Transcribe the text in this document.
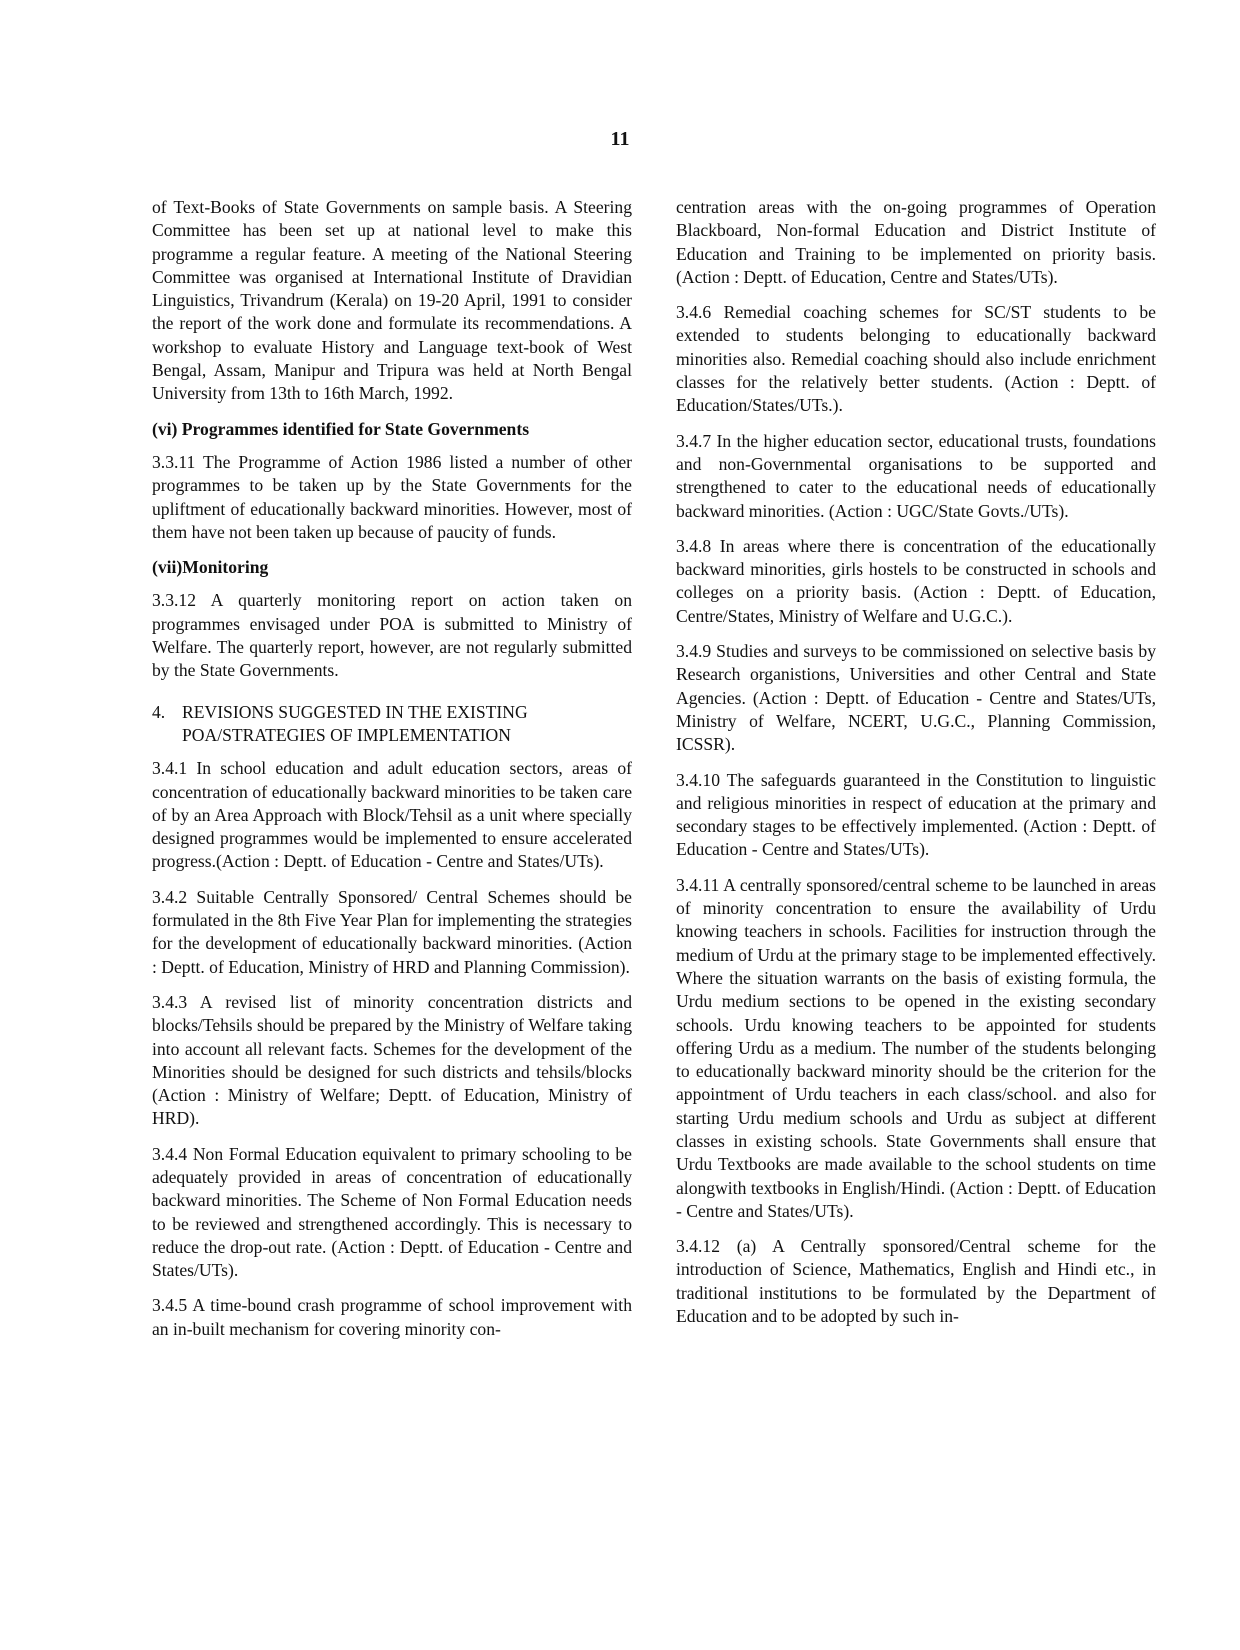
11

of Text-Books of State Governments on sample basis. A Steering Committee has been set up at national level to make this programme a regular feature. A meeting of the National Steering Committee was organised at International Institute of Dravidian Linguistics, Trivandrum (Kerala) on 19-20 April, 1991 to consider the report of the work done and formulate its recommendations. A workshop to evaluate History and Language text-book of West Bengal, Assam, Manipur and Tripura was held at North Bengal University from 13th to 16th March, 1992.

(vi) Programmes identified for State Governments

3.3.11 The Programme of Action 1986 listed a number of other programmes to be taken up by the State Governments for the upliftment of educationally backward minorities. However, most of them have not been taken up because of paucity of funds.

(vii)Monitoring

3.3.12 A quarterly monitoring report on action taken on programmes envisaged under POA is submitted to Ministry of Welfare. The quarterly report, however, are not regularly submitted by the State Governments.

4. REVISIONS SUGGESTED IN THE EXISTING POA/STRATEGIES OF IMPLEMENTATION

3.4.1 In school education and adult education sectors, areas of concentration of educationally backward minorities to be taken care of by an Area Approach with Block/Tehsil as a unit where specially designed programmes would be implemented to ensure accelerated progress.(Action : Deptt. of Education - Centre and States/UTs).

3.4.2 Suitable Centrally Sponsored/ Central Schemes should be formulated in the 8th Five Year Plan for implementing the strategies for the development of educationally backward minorities. (Action : Deptt. of Education, Ministry of HRD and Planning Commission).

3.4.3 A revised list of minority concentration districts and blocks/Tehsils should be prepared by the Ministry of Welfare taking into account all relevant facts. Schemes for the development of the Minorities should be designed for such districts and tehsils/blocks (Action : Ministry of Welfare; Deptt. of Education, Ministry of HRD).

3.4.4 Non Formal Education equivalent to primary schooling to be adequately provided in areas of concentration of educationally backward minorities. The Scheme of Non Formal Education needs to be reviewed and strengthened accordingly. This is necessary to reduce the drop-out rate. (Action : Deptt. of Education - Centre and States/UTs).

3.4.5 A time-bound crash programme of school improvement with an in-built mechanism for covering minority con-

centration areas with the on-going programmes of Operation Blackboard, Non-formal Education and District Institute of Education and Training to be implemented on priority basis. (Action : Deptt. of Education, Centre and States/UTs).

3.4.6 Remedial coaching schemes for SC/ST students to be extended to students belonging to educationally backward minorities also. Remedial coaching should also include enrichment classes for the relatively better students. (Action : Deptt. of Education/States/UTs.).

3.4.7 In the higher education sector, educational trusts, foundations and non-Governmental organisations to be supported and strengthened to cater to the educational needs of educationally backward minorities. (Action : UGC/State Govts./UTs).

3.4.8 In areas where there is concentration of the educationally backward minorities, girls hostels to be constructed in schools and colleges on a priority basis. (Action : Deptt. of Education, Centre/States, Ministry of Welfare and U.G.C.).

3.4.9 Studies and surveys to be commissioned on selective basis by Research organistions, Universities and other Central and State Agencies. (Action : Deptt. of Education - Centre and States/UTs, Ministry of Welfare, NCERT, U.G.C., Planning Commission, ICSSR).

3.4.10 The safeguards guaranteed in the Constitution to linguistic and religious minorities in respect of education at the primary and secondary stages to be effectively implemented. (Action : Deptt. of Education - Centre and States/UTs).

3.4.11 A centrally sponsored/central scheme to be launched in areas of minority concentration to ensure the availability of Urdu knowing teachers in schools. Facilities for instruction through the medium of Urdu at the primary stage to be implemented effectively. Where the situation warrants on the basis of existing formula, the Urdu medium sections to be opened in the existing secondary schools. Urdu knowing teachers to be appointed for students offering Urdu as a medium. The number of the students belonging to educationally backward minority should be the criterion for the appointment of Urdu teachers in each class/school. and also for starting Urdu medium schools and Urdu as subject at different classes in existing schools. State Governments shall ensure that Urdu Textbooks are made available to the school students on time alongwith textbooks in English/Hindi. (Action : Deptt. of Education - Centre and States/UTs).

3.4.12 (a) A Centrally sponsored/Central scheme for the introduction of Science, Mathematics, English and Hindi etc., in traditional institutions to be formulated by the Department of Education and to be adopted by such in-
